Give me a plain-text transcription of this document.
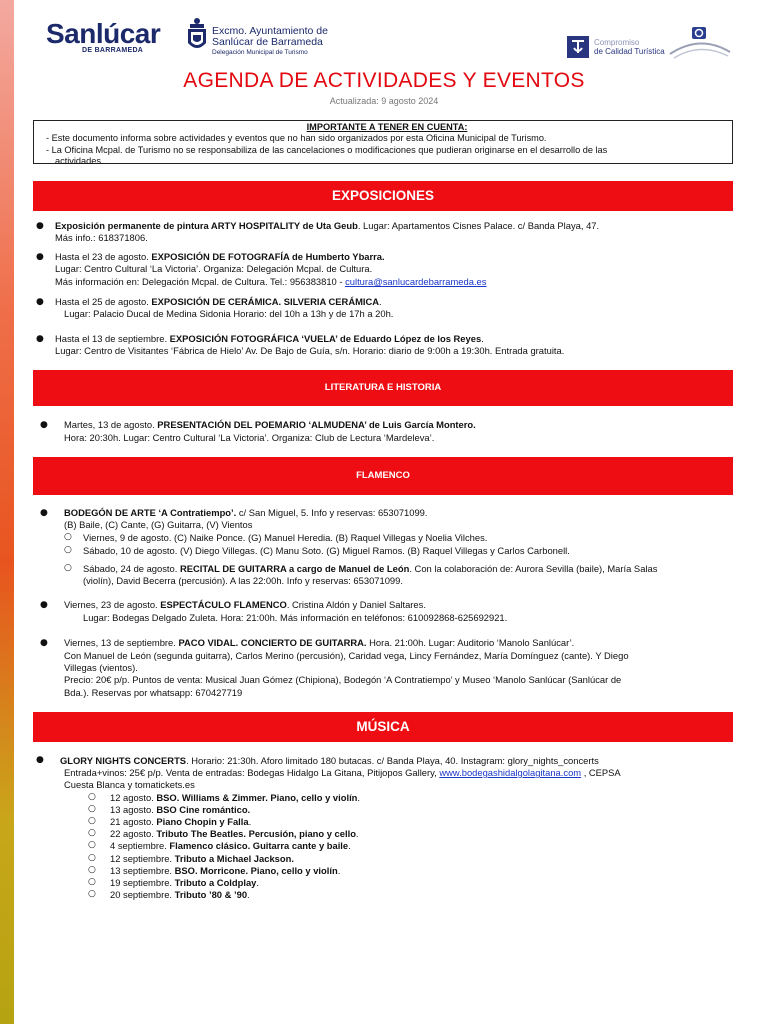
Sanlúcar
DE BARRAMEDA
Excmo. Ayuntamiento de
Sanlúcar de Barrameda
Delegación Municipal de Turismo
Compromiso
de Calidad Turística
AGENDA DE ACTIVIDADES Y EVENTOS
Actualizada: 9 agosto 2024
IMPORTANTE A TENER EN CUENTA:
- Este documento informa sobre actividades y eventos que no han sido organizados por esta Oficina Municipal de Turismo.
- La Oficina Mcpal. de Turismo no se responsabiliza de las cancelaciones o modificaciones que pudieran originarse en el desarrollo de las
actividades.
EXPOSICIONES
● Exposición permanente de pintura ARTY HOSPITALITY de Uta Geub. Lugar: Apartamentos Cisnes Palace. c/ Banda Playa, 47.
Más info.: 618371806.
● Hasta el 23 de agosto. EXPOSICIÓN DE FOTOGRAFÍA de Humberto Ybarra.
Lugar: Centro Cultural ‘La Victoria’. Organiza: Delegación Mcpal. de Cultura.
Más información en: Delegación Mcpal. de Cultura. Tel.: 956383810 - cultura@sanlucardebarrameda.es
● Hasta el 25 de agosto. EXPOSICIÓN DE CERÁMICA. SILVERIA CERÁMICA.
Lugar: Palacio Ducal de Medina Sidonia Horario: del 10h a 13h y de 17h a 20h.
● Hasta el 13 de septiembre. EXPOSICIÓN FOTOGRÁFICA ‘VUELA’ de Eduardo López de los Reyes.
Lugar: Centro de Visitantes ‘Fábrica de Hielo’ Av. De Bajo de Guía, s/n. Horario: diario de 9:00h a 19:30h. Entrada gratuita.
LITERATURA E HISTORIA
● Martes, 13 de agosto. PRESENTACIÓN DEL POEMARIO ‘ALMUDENA’ de Luis García Montero.
Hora: 20:30h. Lugar: Centro Cultural ‘La Victoria’. Organiza: Club de Lectura ‘Mardeleva’.
FLAMENCO
● BODEGÓN DE ARTE ‘A Contratiempo’. c/ San Miguel, 5. Info y reservas: 653071099.
(B) Baile, (C) Cante, (G) Guitarra, (V) Vientos
○ Viernes, 9 de agosto. (C) Naike Ponce. (G) Manuel Heredia. (B) Raquel Villegas y Noelia Vilches.
○ Sábado, 10 de agosto. (V) Diego Villegas. (C) Manu Soto. (G) Miguel Ramos. (B) Raquel Villegas y Carlos Carbonell.
○ Sábado, 24 de agosto. RECITAL DE GUITARRA a cargo de Manuel de León. Con la colaboración de: Aurora Sevilla (baile), María Salas
(violín), David Becerra (percusión). A las 22:00h. Info y reservas: 653071099.
● Viernes, 23 de agosto. ESPECTÁCULO FLAMENCO. Cristina Aldón y Daniel Saltares.
Lugar: Bodegas Delgado Zuleta. Hora: 21:00h. Más información en teléfonos: 610092868-625692921.
● Viernes, 13 de septiembre. PACO VIDAL. CONCIERTO DE GUITARRA. Hora. 21:00h. Lugar: Auditorio ‘Manolo Sanlúcar’.
Con Manuel de León (segunda guitarra), Carlos Merino (percusión), Caridad vega, Lincy Fernández, María Domínguez (cante). Y Diego
Villegas (vientos).
Precio: 20€ p/p. Puntos de venta: Musical Juan Gómez (Chipiona), Bodegón ‘A Contratiempo’ y Museo ‘Manolo Sanlúcar (Sanlúcar de
Bda.). Reservas por whatsapp: 670427719
MÚSICA
● GLORY NIGHTS CONCERTS. Horario: 21:30h. Aforo limitado 180 butacas. c/ Banda Playa, 40. Instagram: glory_nights_concerts
Entrada+vinos: 25€ p/p. Venta de entradas: Bodegas Hidalgo La Gitana, Pitijopos Gallery, www.bodegashidalgolagitana.com , CEPSA
Cuesta Blanca y tomatickets.es
○ 12 agosto. BSO. Williams & Zimmer. Piano, cello y violín.
○ 13 agosto. BSO Cine romántico.
○ 21 agosto. Piano Chopin y Falla.
○ 22 agosto. Tributo The Beatles. Percusión, piano y cello.
○ 4 septiembre. Flamenco clásico. Guitarra cante y baile.
○ 12 septiembre. Tributo a Michael Jackson.
○ 13 septiembre. BSO. Morricone. Piano, cello y violín.
○ 19 septiembre. Tributo a Coldplay.
○ 20 septiembre. Tributo ’80 & ’90.
